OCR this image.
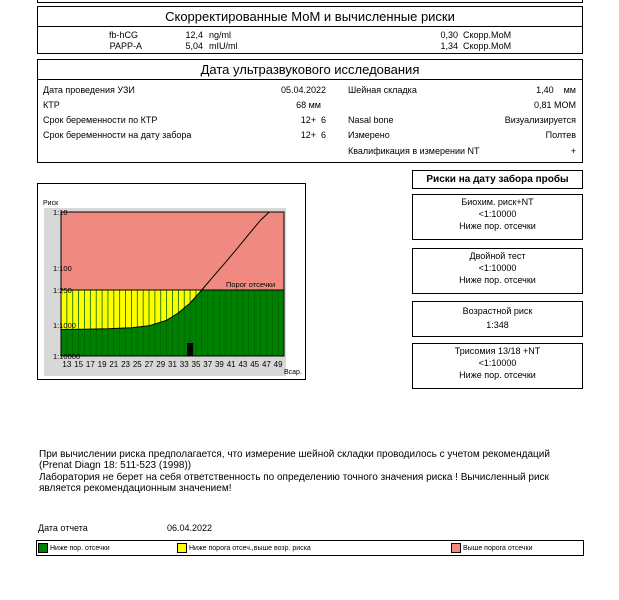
Скорректированные МоМ и вычисленные риски
fb-hCG	12,4 ng/ml	0,30 Скорр.МоМ
PAPP-A	5,04 mIU/ml	1,34 Скорр.МоМ
Дата ультразвукового исследования
Дата проведения УЗИ	05.04.2022
КТР	68 мм
Срок беременности по КТР	12+  6
Срок беременности на дату забора	12+  6
Шейная складка	1,40    мм
0,81 МОМ
Nasal bone	Визуализируется
Измерено	Полтев
Квалификация в измерении NT	+
1:10
1:100
1:250
1:1000
1:10000
13 15 17 19 21 23 25 27 29 31 33 35 37 39 41 43 45 47 49
Риск
Всар.
Порог отсечки
Риски на дату забора пробы
Биохим. риск+NT
<1:10000
Ниже пор. отсечки
Двойной тест
<1:10000
Ниже пор. отсечки
Возрастной риск
1:348
Трисомия 13/18 +NT
<1:10000
Ниже пор. отсечки
При вычислении риска предполагается, что измерение шейной складки проводилось с учетом рекомендаций (Prenat Diagn 18: 511-523 (1998))
Лаборатория не берет на себя ответственность по определению точного значения риска ! Вычисленный риск является рекомендационным значением!
Дата отчета	06.04.2022
Ниже пор. отсечки	Ниже порога отсеч.,выше возр. риска	Выше порога отсечки
